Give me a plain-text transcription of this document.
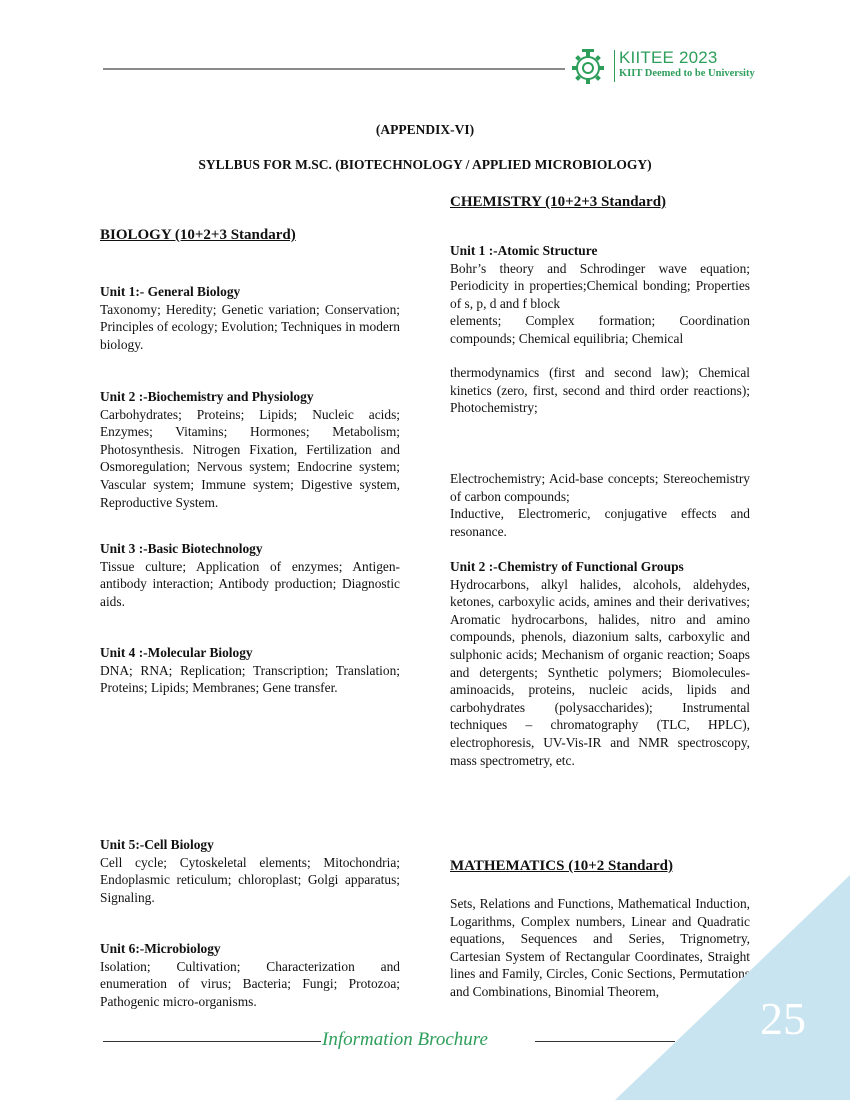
KIITEE 2023
KIIT Deemed to be University
(APPENDIX-VI)
SYLLBUS FOR M.SC. (BIOTECHNOLOGY / APPLIED MICROBIOLOGY)
BIOLOGY (10+2+3 Standard)
Unit 1:- General Biology

Taxonomy; Heredity; Genetic variation; Conservation; Principles of ecology; Evolution; Techniques in modern biology.

Unit 2 :-Biochemistry and Physiology

Carbohydrates; Proteins; Lipids; Nucleic acids; Enzymes; Vitamins; Hormones; Metabolism; Photosynthesis. Nitrogen Fixation, Fertilization and Osmoregulation; Nervous system; Endocrine system; Vascular system; Immune system; Digestive system, Reproductive System.

Unit 3 :-Basic Biotechnology

Tissue culture; Application of enzymes; Antigen-antibody interaction; Antibody production; Diagnostic aids.

Unit 4 :-Molecular Biology

DNA; RNA; Replication; Transcription; Translation; Proteins; Lipids; Membranes; Gene transfer.

Unit 5:-Cell Biology

Cell cycle; Cytoskeletal elements; Mitochondria; Endoplasmic reticulum; chloroplast; Golgi apparatus; Signaling.

Unit 6:-Microbiology

Isolation; Cultivation; Characterization and enumeration of virus; Bacteria; Fungi; Protozoa; Pathogenic micro-organisms.

CHEMISTRY (10+2+3 Standard)
Unit 1 :-Atomic Structure

Bohr’s theory and Schrodinger wave equation; Periodicity in properties;Chemical bonding; Properties of s, p, d and f block

elements; Complex formation; Coordination compounds; Chemical equilibria; Chemical

thermodynamics (first and second law); Chemical kinetics (zero, first, second and third order reactions); Photochemistry;

Electrochemistry; Acid-base concepts; Stereochemistry of carbon compounds;

Inductive, Electromeric, conjugative effects and resonance.

Unit 2 :-Chemistry of Functional Groups

Hydrocarbons, alkyl halides, alcohols, aldehydes, ketones, carboxylic acids, amines and their derivatives; Aromatic hydrocarbons, halides, nitro and amino compounds, phenols, diazonium salts, carboxylic and sulphonic acids; Mechanism of organic reaction; Soaps and detergents; Synthetic polymers; Biomolecules-aminoacids, proteins, nucleic acids, lipids and carbohydrates (polysaccharides); Instrumental techniques – chromatography (TLC, HPLC), electrophoresis, UV-Vis-IR and NMR spectroscopy, mass spectrometry, etc.

MATHEMATICS (10+2 Standard)

Sets, Relations and Functions, Mathematical Induction, Logarithms, Complex numbers, Linear and Quadratic equations, Sequences and Series, Trignometry, Cartesian System of Rectangular Coordinates, Straight lines and Family, Circles, Conic Sections, Permutations and Combinations, Binomial Theorem,

25
Information Brochure
